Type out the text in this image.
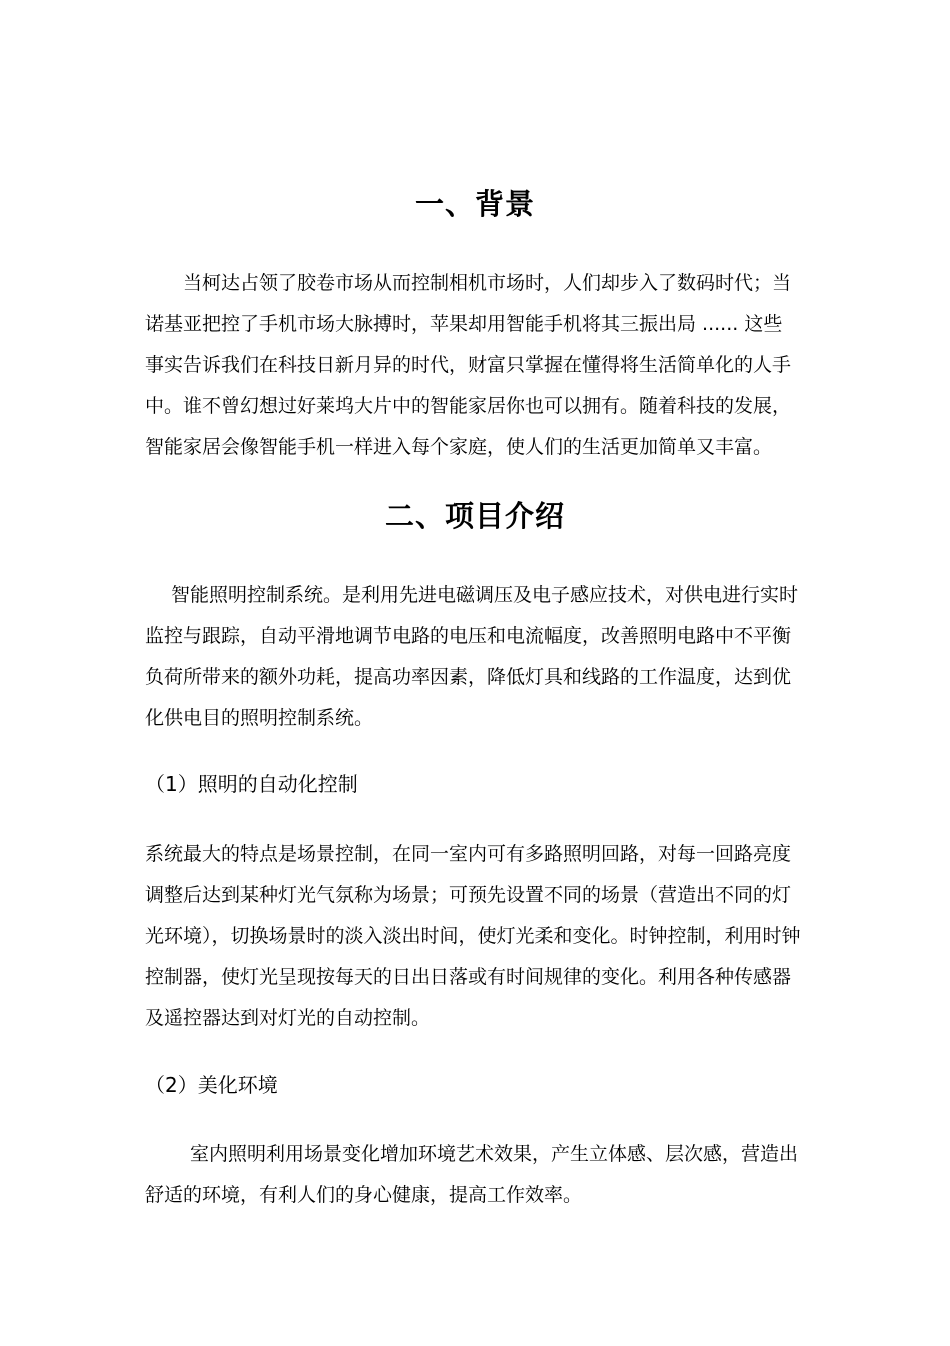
一、背景
当柯达占领了胶卷市场从而控制相机市场时，人们却步入了数码时代；当
诺基亚把控了手机市场大脉搏时，苹果却用智能手机将其三振出局 ...... 这些
事实告诉我们在科技日新月异的时代，财富只掌握在懂得将生活简单化的人手
中。谁不曾幻想过好莱坞大片中的智能家居你也可以拥有。随着科技的发展，
智能家居会像智能手机一样进入每个家庭，使人们的生活更加简单又丰富。
二、项目介绍
智能照明控制系统。是利用先进电磁调压及电子感应技术，对供电进行实时
监控与跟踪，自动平滑地调节电路的电压和电流幅度，改善照明电路中不平衡
负荷所带来的额外功耗，提高功率因素，降低灯具和线路的工作温度，达到优
化供电目的照明控制系统。
（1）照明的自动化控制
系统最大的特点是场景控制，在同一室内可有多路照明回路，对每一回路亮度
调整后达到某种灯光气氛称为场景；可预先设置不同的场景（营造出不同的灯
光环境），切换场景时的淡入淡出时间，使灯光柔和变化。时钟控制，利用时钟
控制器，使灯光呈现按每天的日出日落或有时间规律的变化。利用各种传感器
及遥控器达到对灯光的自动控制。
（2）美化环境
室内照明利用场景变化增加环境艺术效果，产生立体感、层次感，营造出
舒适的环境，有利人们的身心健康，提高工作效率。
